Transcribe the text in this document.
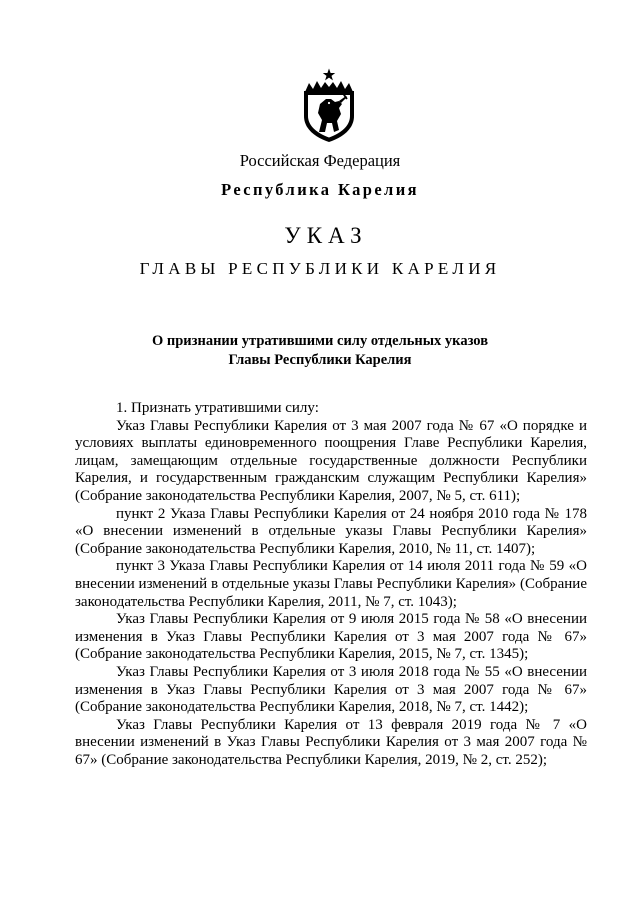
Российская Федерация
Республика Карелия
УКАЗ
ГЛАВЫ РЕСПУБЛИКИ КАРЕЛИЯ
О признании утратившими силу отдельных указов
Главы Республики Карелия

1. Признать утратившими силу:

Указ Главы Республики Карелия от 3 мая 2007 года № 67 «О порядке и условиях выплаты единовременного поощрения Главе Республики Карелия, лицам, замещающим отдельные государственные должности Республики Карелия, и государственным гражданским служащим Республики Карелия» (Собрание законодательства Республики Карелия, 2007, № 5, ст. 611);

пункт 2 Указа Главы Республики Карелия от 24 ноября 2010 года № 178 «О внесении изменений в отдельные указы Главы Республики Карелия» (Собрание законодательства Республики Карелия, 2010, № 11, ст. 1407);

пункт 3 Указа Главы Республики Карелия от 14 июля 2011 года № 59 «О внесении изменений в отдельные указы Главы Республики Карелия» (Собрание законодательства Республики Карелия, 2011, № 7, ст. 1043);

Указ Главы Республики Карелия от 9 июля 2015 года № 58 «О внесении изменения в Указ Главы Республики Карелия от 3 мая 2007 года № 67» (Собрание законодательства Республики Карелия, 2015, № 7, ст. 1345);

Указ Главы Республики Карелия от 3 июля 2018 года № 55 «О внесении изменения в Указ Главы Республики Карелия от 3 мая 2007 года № 67» (Собрание законодательства Республики Карелия, 2018, № 7, ст. 1442);

Указ Главы Республики Карелия от 13 февраля 2019 года № 7 «О внесении изменений в Указ Главы Республики Карелия от 3 мая 2007 года № 67» (Собрание законодательства Республики Карелия, 2019, № 2, ст. 252);
